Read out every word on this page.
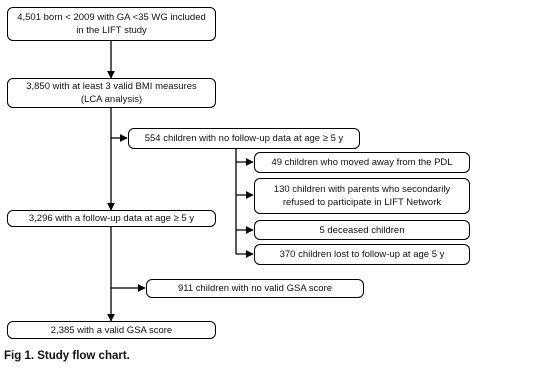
4,501 born < 2009 with GA <35 WG included
in the LIFT study
3,850 with at least 3 valid BMI measures
(LCA analysis)
554 children with no follow-up data at age ≥ 5 y
49 children who moved away from the PDL
130 children with parents who secondarily
refused to participate in LIFT Network
5 deceased children
370 children lost to follow-up at age 5 y
3,296 with a follow-up data at age ≥ 5 y
911 children with no valid GSA score
2,385 with a valid GSA score
Fig 1. Study flow chart.
